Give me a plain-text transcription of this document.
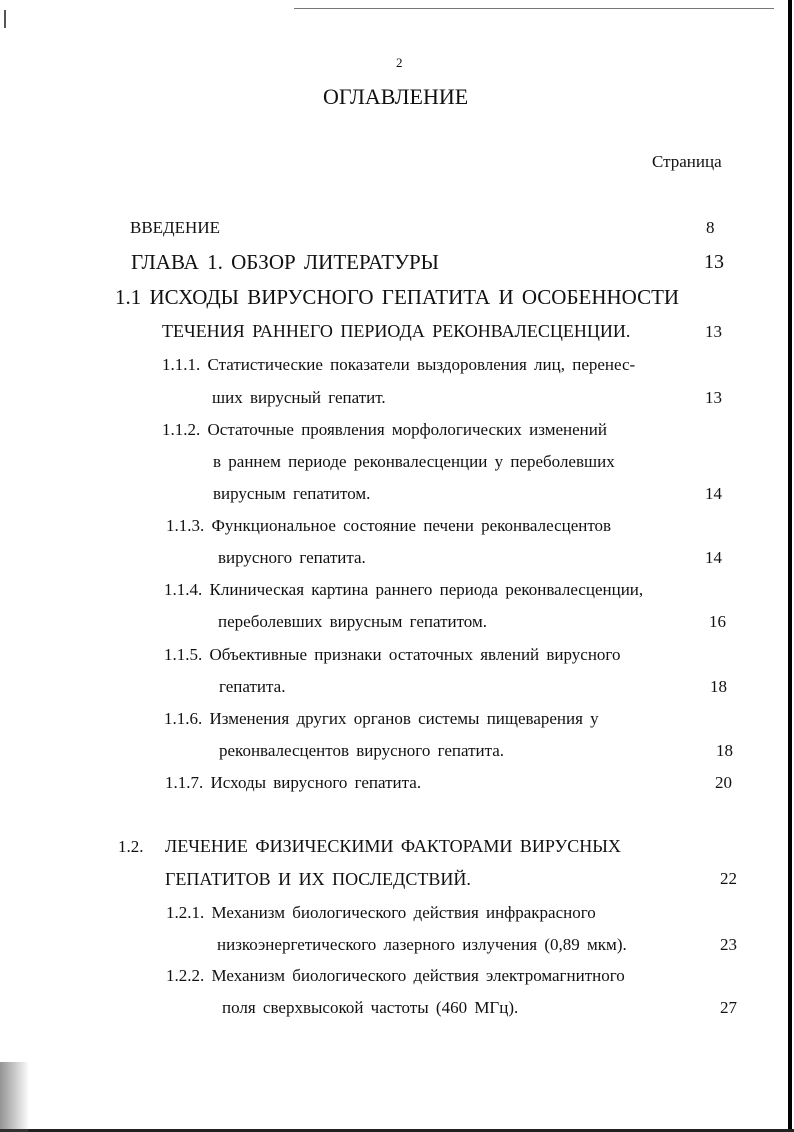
2
ОГЛАВЛЕНИЕ
Страница
ВВЕДЕНИЕ	8
ГЛАВА 1. ОБЗОР ЛИТЕРАТУРЫ	13
1.1 ИСХОДЫ ВИРУСНОГО ГЕПАТИТА И ОСОБЕННОСТИ
ТЕЧЕНИЯ РАННЕГО ПЕРИОДА РЕКОНВАЛЕСЦЕНЦИИ.	13
1.1.1. Статистические показатели выздоровления лиц, перенес-
ших вирусный гепатит.	13
1.1.2. Остаточные проявления морфологических изменений
в раннем периоде реконвалесценции у переболевших
вирусным гепатитом.	14
1.1.3. Функциональное состояние печени реконвалесцентов
вирусного гепатита.	14
1.1.4. Клиническая картина раннего периода реконвалесценции,
переболевших вирусным гепатитом.	16
1.1.5. Объективные признаки остаточных явлений вирусного
гепатита.	18
1.1.6. Изменения других органов системы пищеварения у
реконвалесцентов вирусного гепатита.	18
1.1.7. Исходы вирусного гепатита.	20
1.2. ЛЕЧЕНИЕ ФИЗИЧЕСКИМИ ФАКТОРАМИ ВИРУСНЫХ
ГЕПАТИТОВ И ИХ ПОСЛЕДСТВИЙ.	22
1.2.1. Механизм биологического действия инфракрасного
низкоэнергетического лазерного излучения (0,89 мкм).	23
1.2.2. Механизм биологического действия электромагнитного
поля сверхвысокой частоты (460 МГц).	27
